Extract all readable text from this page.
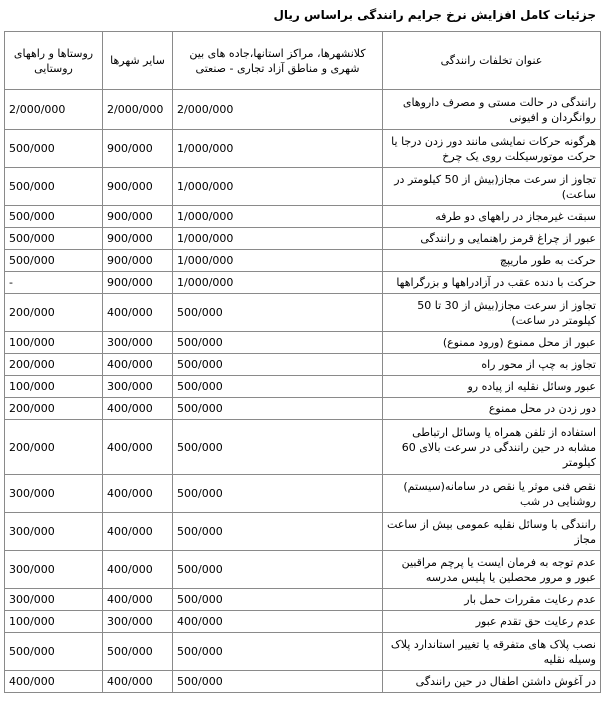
جزئیات کامل افزایش نرخ جرایم رانندگی براساس ریال
عنوان تخلفات رانندگی	کلانشهرها، مراکز استانها،جاده های بین شهری و مناطق آزاد تجاری - صنعتی	سایر شهرها	روستاها و راههای روستایی
رانندگی در حالت مستی و مصرف داروهای روانگردان و افیونی	2/000/000	2/000/000	2/000/000
هرگونه حرکات نمایشی مانند دور زدن درجا یا حرکت موتورسیکلت روی یک چرخ	1/000/000	900/000	500/000
تجاوز از سرعت مجاز(بیش از 50 کیلومتر در ساعت)	1/000/000	900/000	500/000
سبقت غیرمجاز در راههای دو طرفه	1/000/000	900/000	500/000
عبور از چراغ قرمز راهنمایی و رانندگی	1/000/000	900/000	500/000
حرکت به طور ماریپچ	1/000/000	900/000	500/000
حرکت با دنده عقب در آزادراهها و بزرگراهها	1/000/000	900/000	-
تجاوز از سرعت مجاز(بیش از 30 تا 50 کیلومتر در ساعت)	500/000	400/000	200/000
عبور از محل ممنوع (ورود ممنوع)	500/000	300/000	100/000
تجاوز به چپ از محور راه	500/000	400/000	200/000
عبور وسائل نقلیه از پیاده رو	500/000	300/000	100/000
دور زدن در محل ممنوع	500/000	400/000	200/000
استفاده از تلفن همراه یا وسائل ارتباطی مشابه در حین رانندگی در سرعت بالای 60 کیلومتر	500/000	400/000	200/000
نقص فنی موثر یا نقص در سامانه(سیستم) روشنایی در شب	500/000	400/000	300/000
رانندگی با وسائل نقلیه عمومی بیش از ساعت مجاز	500/000	400/000	300/000
عدم توجه به فرمان ایست یا پرچم مراقبین عبور و مرور محصلین یا پلیس مدرسه	500/000	400/000	300/000
عدم رعایت مقررات حمل بار	500/000	400/000	300/000
عدم رعایت حق تقدم عبور	400/000	300/000	100/000
نصب پلاک های متفرقه یا تغییر استاندارد پلاک وسیله نقلیه	500/000	500/000	500/000
در آغوش داشتن اطفال در حین رانندگی	500/000	400/000	400/000
